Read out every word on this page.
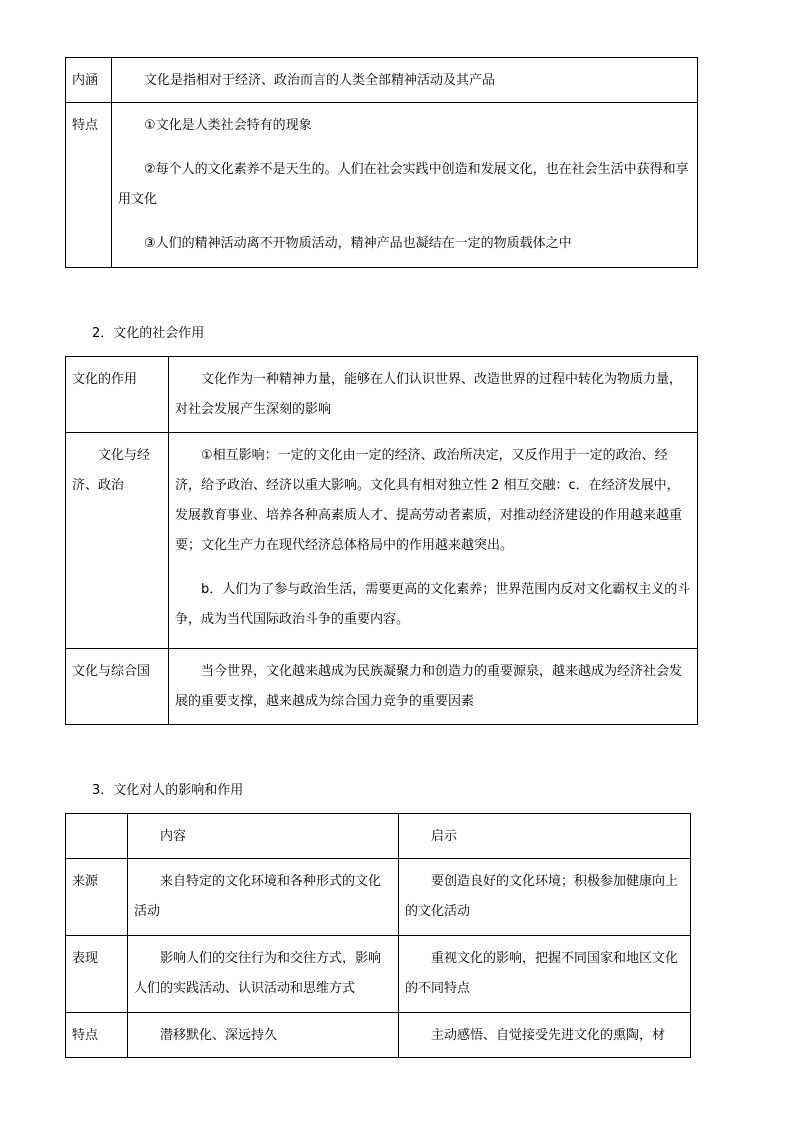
内涵	文化是指相对于经济、政治而言的人类全部精神活动及其产品

特点	①文化是人类社会特有的现象

②每个人的文化素养不是天生的。人们在社会实践中创造和发展文化，也在社会生活中获得和享用文化

③人们的精神活动离不开物质活动，精神产品也凝结在一定的物质载体之中

2．文化的社会作用
文化的作用	文化作为一种精神力量，能够在人们认识世界、改造世界的过程中转化为物质力量，对社会发展产生深刻的影响

文化与经济、政治	①相互影响：一定的文化由一定的经济、政治所决定，又反作用于一定的政治、经济，给予政治、经济以重大影响。文化具有相对独立性 2 相互交融：c．在经济发展中，发展教育事业、培养各种高素质人才、提高劳动者素质，对推动经济建设的作用越来越重要；文化生产力在现代经济总体格局中的作用越来越突出。

b．人们为了参与政治生活，需要更高的文化素养；世界范围内反对文化霸权主义的斗争，成为当代国际政治斗争的重要内容。

文化与综合国	当今世界，文化越来越成为民族凝聚力和创造力的重要源泉，越来越成为经济社会发展的重要支撑，越来越成为综合国力竞争的重要因素

3．文化对人的影响和作用

	内容	启示

来源	来自特定的文化环境和各种形式的文化活动	要创造良好的文化环境；积极参加健康向上的文化活动

表现	影响人们的交往行为和交往方式，影响人们的实践活动、认识活动和思维方式	重视文化的影响，把握不同国家和地区文化的不同特点

特点	潜移默化、深远持久	主动感悟、自觉接受先进文化的熏陶，材
